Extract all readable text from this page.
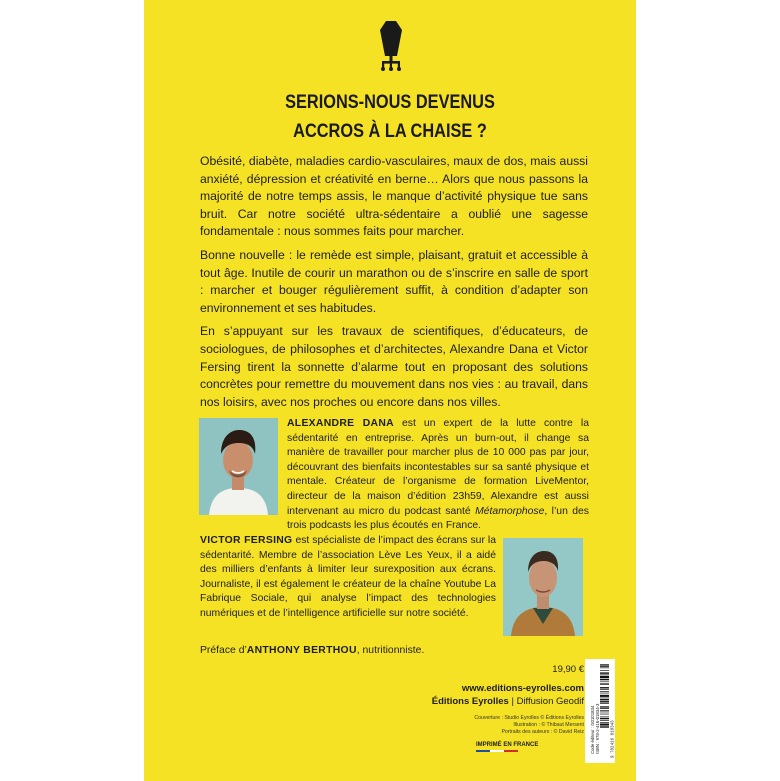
SERIONS-NOUS DEVENUS
ACCROS À LA CHAISE ?

Obésité, diabète, maladies cardio-vasculaires, maux de dos, mais aussi anxiété, dépression et créativité en berne… Alors que nous passons la majorité de notre temps assis, le manque d’activité physique tue sans bruit. Car notre société ultra-sédentaire a oublié une sagesse fondamentale : nous sommes faits pour marcher.

Bonne nouvelle : le remède est simple, plaisant, gratuit et accessible à tout âge. Inutile de courir un marathon ou de s’inscrire en salle de sport : marcher et bouger régulièrement suffit, à condition d’adapter son environnement et ses habitudes.

En s’appuyant sur les travaux de scientifiques, d’éducateurs, de sociologues, de philosophes et d’architectes, Alexandre Dana et Victor Fersing tirent la sonnette d’alarme tout en proposant des solutions concrètes pour remettre du mouvement dans nos vies : au travail, dans nos loisirs, avec nos proches ou encore dans nos villes.

ALEXANDRE DANA est un expert de la lutte contre la sédentarité en entreprise. Après un burn-out, il change sa manière de travailler pour marcher plus de 10 000 pas par jour, découvrant des bienfaits incontestables sur sa santé physique et mentale. Créateur de l’organisme de formation LiveMentor, directeur de la maison d’édition 23h59, Alexandre est aussi intervenant au micro du podcast santé Métamorphose, l’un des trois podcasts les plus écoutés en France.
VICTOR FERSING est spécialiste de l’impact des écrans sur la sédentarité. Membre de l’association Lève Les Yeux, il a aidé des milliers d’enfants à limiter leur surexposition aux écrans. Journaliste, il est également le créateur de la chaîne Youtube La Fabrique Sociale, qui analyse l’impact des technologies numériques et de l’intelligence artificielle sur notre société.
Préface d’ANTHONY BERTHOU, nutritionniste.
19,90 €
www.editions-eyrolles.com
Éditions Eyrolles | Diffusion Geodif
Couverture : Studio Eyrolles © Éditions Eyrolles
Illustration : © Thibaut Mersent
Portraits des auteurs : © David Reiz
IMPRIMÉ EN FRANCE	Code éditeur : G0101834 ISBN : 978-2-416-01834-3	9 782416 018343
